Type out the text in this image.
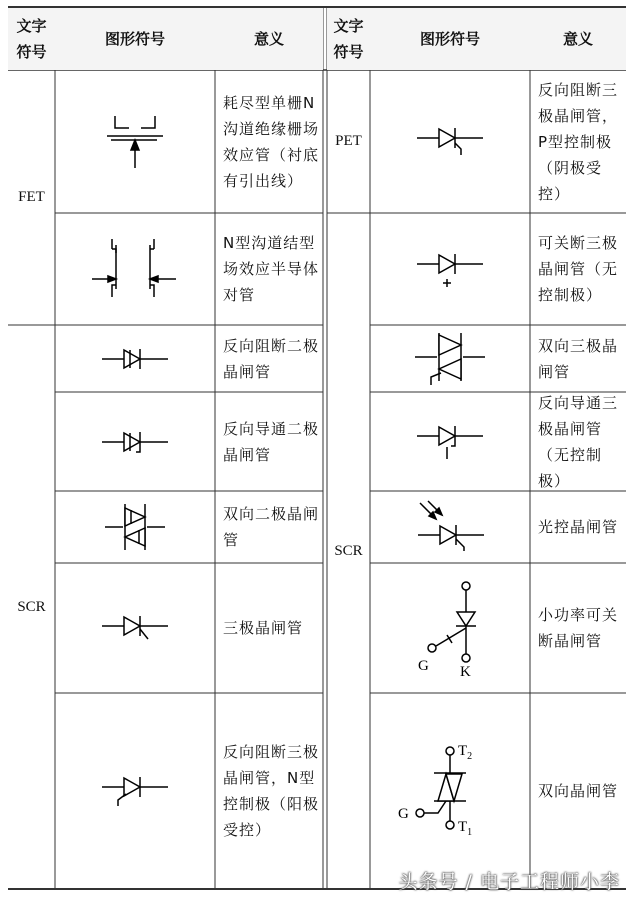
文字符号
图形符号	意义
文字符号
图形符号	意义
FET
SCR
PET
SCR
耗尽型单栅N沟道绝缘栅场效应管（衬底有引出线）
N型沟道结型场效应半导体对管
反向阻断二极晶闸管
反向导通二极晶闸管
双向二极晶闸管
三极晶闸管
反向阻断三极晶闸管，N型控制极（阳极受控）
反向阻断三极晶闸管，P型控制极（阴极受控）
可关断三极晶闸管（无控制极）
双向三极晶闸管
反向导通三极晶闸管（无控制极）
光控晶闸管
小功率可关断晶闸管
双向晶闸管
G K
$T_2$
G
$T_1$
头条号 / 电子工程师小李
